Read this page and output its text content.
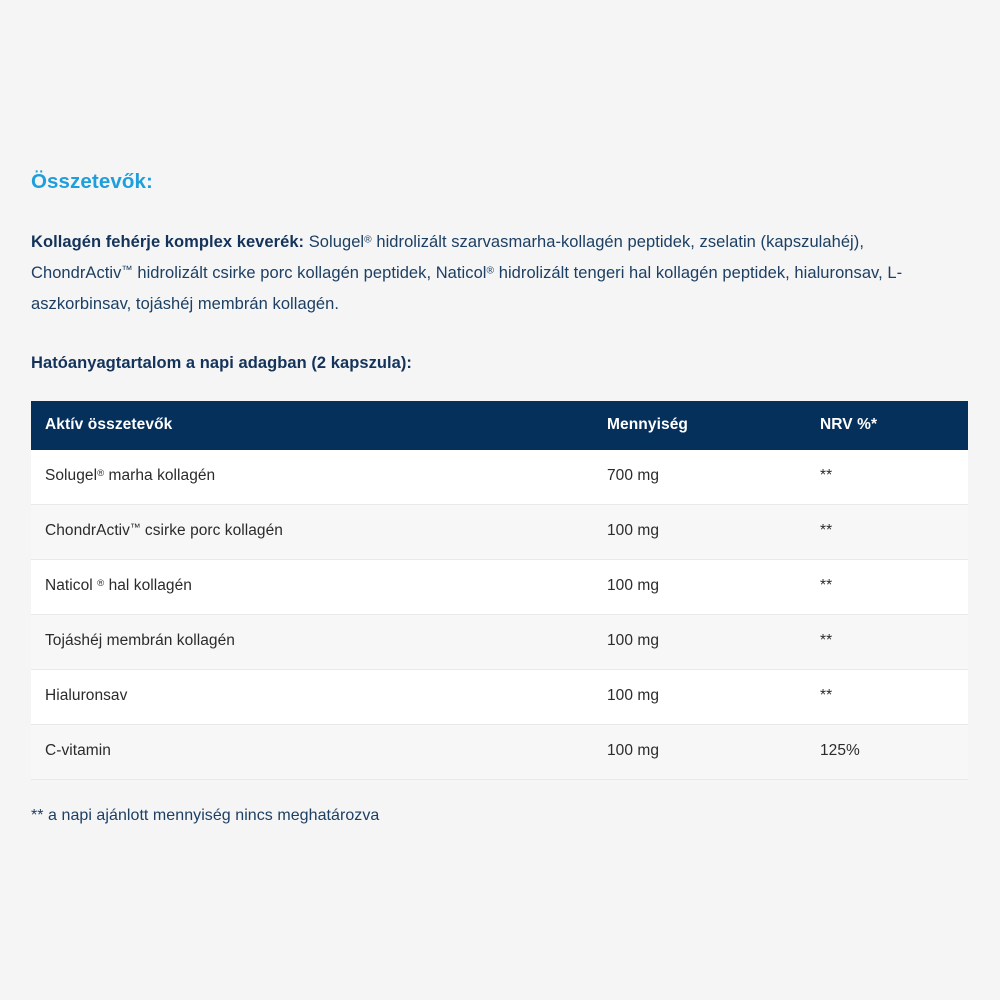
Összetevők:

Kollagén fehérje komplex keverék: Solugel® hidrolizált szarvasmarha-kollagén peptidek, zselatin (kapszulahéj), ChondrActiv™ hidrolizált csirke porc kollagén peptidek, Naticol® hidrolizált tengeri hal kollagén peptidek, hialuronsav, L-aszkorbinsav, tojáshéj membrán kollagén.

Hatóanyagtartalom a napi adagban (2 kapszula):
Aktív összetevők	Mennyiség	NRV %*
Solugel® marha kollagén	700 mg	**
ChondrActiv™ csirke porc kollagén	100 mg	**
Naticol ® hal kollagén	100 mg	**
Tojáshéj membrán kollagén	100 mg	**
Hialuronsav	100 mg	**
C-vitamin	100 mg	125%

** a napi ajánlott mennyiség nincs meghatározva
